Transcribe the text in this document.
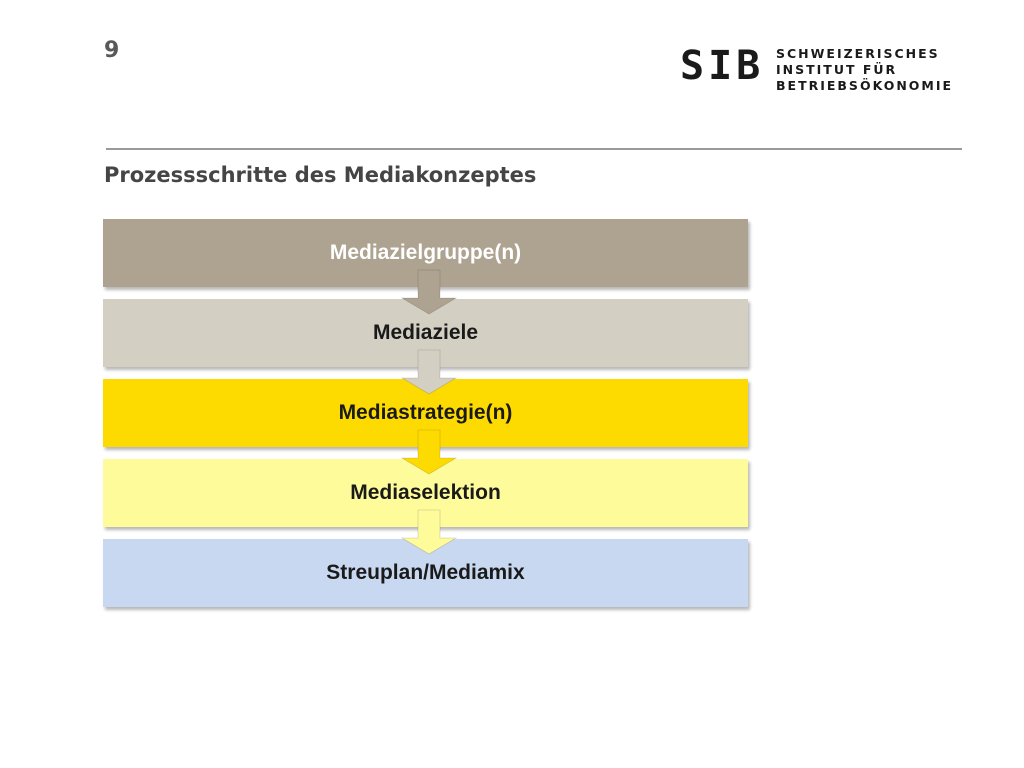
9	SIB SCHWEIZERISCHES
INSTITUT FÜR
BETRIEBSÖKONOMIE
Prozessschritte des Mediakonzeptes
Mediazielgruppe(n)
Mediaziele
Mediastrategie(n)
Mediaselektion
Streuplan/Mediamix
